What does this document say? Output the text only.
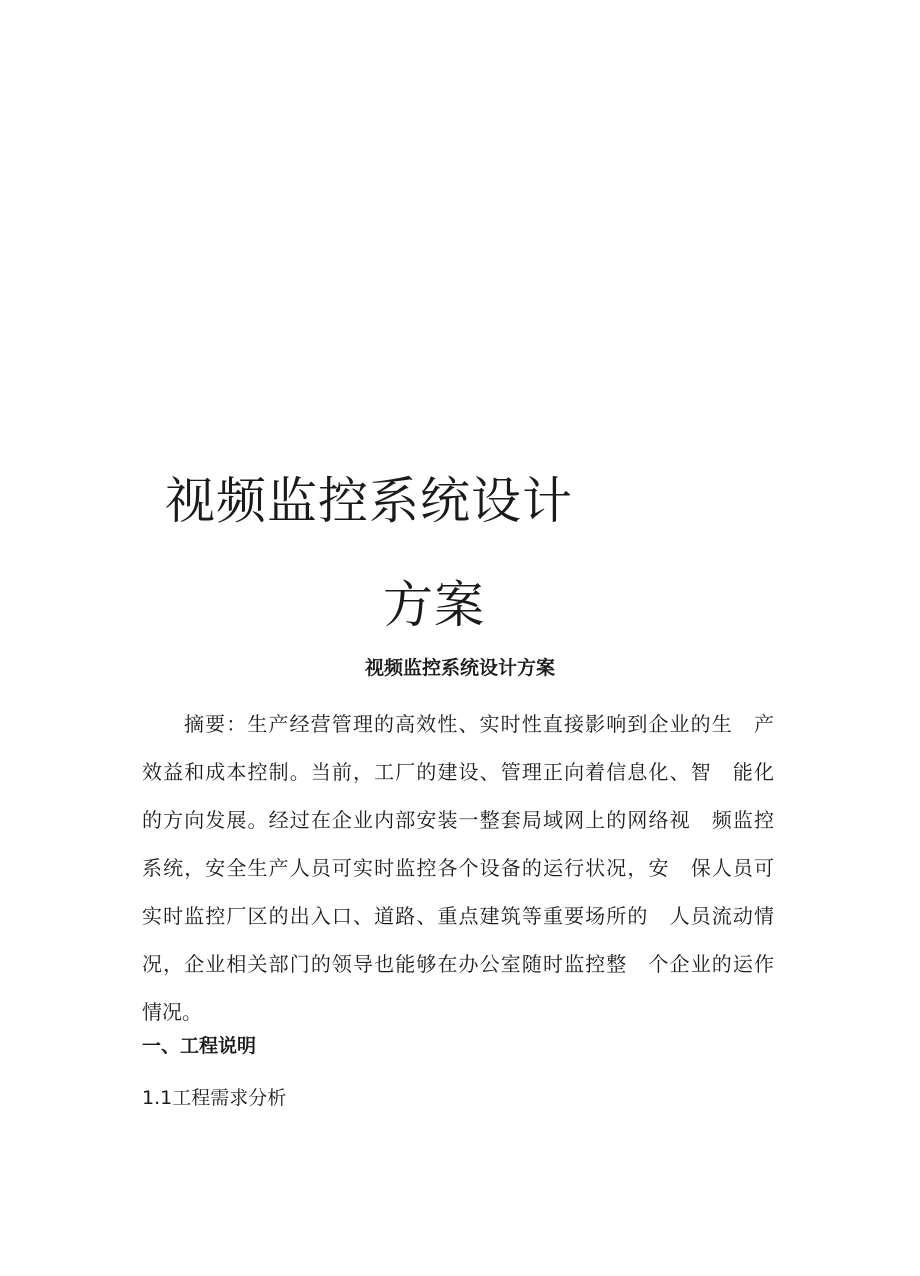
视频监控系统设计
方案
视频监控系统设计方案

摘要：生产经营管理的高效性、实时性直接影响到企业的生　产
效益和成本控制。当前，工厂的建设、管理正向着信息化、智　能化
的方向发展。经过在企业内部安装一整套局域网上的网络视　频监控
系统，安全生产人员可实时监控各个设备的运行状况，安　保人员可
实时监控厂区的出入口、道路、重点建筑等重要场所的　人员流动情
况，企业相关部门的领导也能够在办公室随时监控整　个企业的运作
情况。

一、工程说明
1.1工程需求分析
